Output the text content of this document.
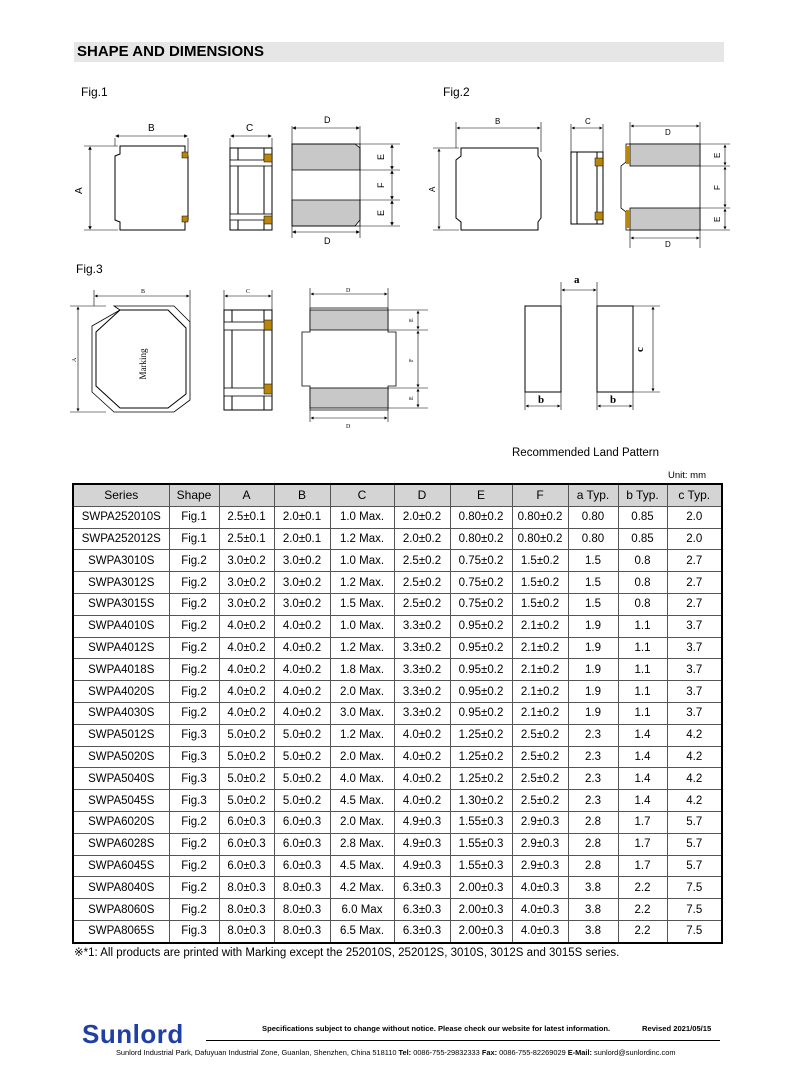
SHAPE AND DIMENSIONS
Fig.1	Fig.2
Fig.3
B
A
C
D
D
E
F
E
B
A
C
D
D
E
F
E
Marking
B
A
C	D
D
E
F
E
a
c
b	b
Recommended Land Pattern
Unit: mm
Series	Shape	A	B	C	D	E	F	a Typ.	b Typ.	c Typ.
SWPA252010S	Fig.1	2.5±0.1	2.0±0.1	1.0 Max.	2.0±0.2	0.80±0.2	0.80±0.2	0.80	0.85	2.0
SWPA252012S	Fig.1	2.5±0.1	2.0±0.1	1.2 Max.	2.0±0.2	0.80±0.2	0.80±0.2	0.80	0.85	2.0
SWPA3010S	Fig.2	3.0±0.2	3.0±0.2	1.0 Max.	2.5±0.2	0.75±0.2	1.5±0.2	1.5	0.8	2.7
SWPA3012S	Fig.2	3.0±0.2	3.0±0.2	1.2 Max.	2.5±0.2	0.75±0.2	1.5±0.2	1.5	0.8	2.7
SWPA3015S	Fig.2	3.0±0.2	3.0±0.2	1.5 Max.	2.5±0.2	0.75±0.2	1.5±0.2	1.5	0.8	2.7
SWPA4010S	Fig.2	4.0±0.2	4.0±0.2	1.0 Max.	3.3±0.2	0.95±0.2	2.1±0.2	1.9	1.1	3.7
SWPA4012S	Fig.2	4.0±0.2	4.0±0.2	1.2 Max.	3.3±0.2	0.95±0.2	2.1±0.2	1.9	1.1	3.7
SWPA4018S	Fig.2	4.0±0.2	4.0±0.2	1.8 Max.	3.3±0.2	0.95±0.2	2.1±0.2	1.9	1.1	3.7
SWPA4020S	Fig.2	4.0±0.2	4.0±0.2	2.0 Max.	3.3±0.2	0.95±0.2	2.1±0.2	1.9	1.1	3.7
SWPA4030S	Fig.2	4.0±0.2	4.0±0.2	3.0 Max.	3.3±0.2	0.95±0.2	2.1±0.2	1.9	1.1	3.7
SWPA5012S	Fig.3	5.0±0.2	5.0±0.2	1.2 Max.	4.0±0.2	1.25±0.2	2.5±0.2	2.3	1.4	4.2
SWPA5020S	Fig.3	5.0±0.2	5.0±0.2	2.0 Max.	4.0±0.2	1.25±0.2	2.5±0.2	2.3	1.4	4.2
SWPA5040S	Fig.3	5.0±0.2	5.0±0.2	4.0 Max.	4.0±0.2	1.25±0.2	2.5±0.2	2.3	1.4	4.2
SWPA5045S	Fig.3	5.0±0.2	5.0±0.2	4.5 Max.	4.0±0.2	1.30±0.2	2.5±0.2	2.3	1.4	4.2
SWPA6020S	Fig.2	6.0±0.3	6.0±0.3	2.0 Max.	4.9±0.3	1.55±0.3	2.9±0.3	2.8	1.7	5.7
SWPA6028S	Fig.2	6.0±0.3	6.0±0.3	2.8 Max.	4.9±0.3	1.55±0.3	2.9±0.3	2.8	1.7	5.7
SWPA6045S	Fig.2	6.0±0.3	6.0±0.3	4.5 Max.	4.9±0.3	1.55±0.3	2.9±0.3	2.8	1.7	5.7
SWPA8040S	Fig.2	8.0±0.3	8.0±0.3	4.2 Max.	6.3±0.3	2.00±0.3	4.0±0.3	3.8	2.2	7.5
SWPA8060S	Fig.2	8.0±0.3	8.0±0.3	6.0 Max	6.3±0.3	2.00±0.3	4.0±0.3	3.8	2.2	7.5
SWPA8065S	Fig.3	8.0±0.3	8.0±0.3	6.5 Max.	6.3±0.3	2.00±0.3	4.0±0.3	3.8	2.2	7.5
※*1: All products are printed with Marking except the 252010S, 252012S, 3010S, 3012S and 3015S series.
Sunlord	Specifications subject to change without notice. Please check our website for latest information.	Revised 2021/05/15
Sunlord Industrial Park, Dafuyuan Industrial Zone, Guanlan, Shenzhen, China 518110 Tel: 0086-755-29832333 Fax: 0086-755-82269029 E-Mail: sunlord@sunlordinc.com
